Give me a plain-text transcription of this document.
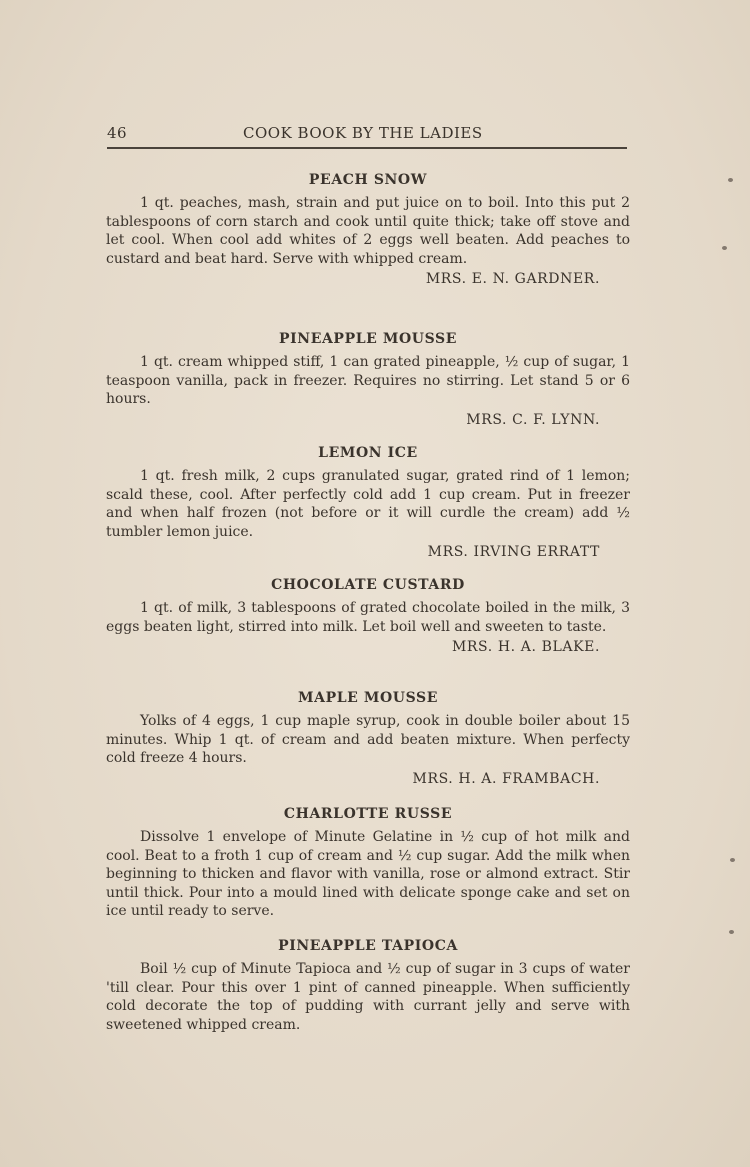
46	COOK BOOK BY THE LADIES
PEACH SNOW
1 qt. peaches, mash, strain and put juice on to boil. Into this put 2 tablespoons of corn starch and cook until quite thick; take off stove and let cool. When cool add whites of 2 eggs well beaten. Add peaches to custard and beat hard. Serve with whipped cream.
MRS. E. N. GARDNER.
PINEAPPLE MOUSSE
1 qt. cream whipped stiff, 1 can grated pineapple, ½ cup of sugar, 1 teaspoon vanilla, pack in freezer. Requires no stirring. Let stand 5 or 6 hours.
MRS. C. F. LYNN.
LEMON ICE
1 qt. fresh milk, 2 cups granulated sugar, grated rind of 1 lemon; scald these, cool. After perfectly cold add 1 cup cream. Put in freezer and when half frozen (not before or it will curdle the cream) add ½ tumbler lemon juice.
MRS. IRVING ERRATT
CHOCOLATE CUSTARD
1 qt. of milk, 3 tablespoons of grated chocolate boiled in the milk, 3 eggs beaten light, stirred into milk. Let boil well and sweeten to taste.
MRS. H. A. BLAKE.
MAPLE MOUSSE
Yolks of 4 eggs, 1 cup maple syrup, cook in double boiler about 15 minutes. Whip 1 qt. of cream and add beaten mixture. When perfecty cold freeze 4 hours.
MRS. H. A. FRAMBACH.
CHARLOTTE RUSSE
Dissolve 1 envelope of Minute Gelatine in ½ cup of hot milk and cool. Beat to a froth 1 cup of cream and ½ cup sugar. Add the milk when beginning to thicken and flavor with vanilla, rose or almond extract. Stir until thick. Pour into a mould lined with delicate sponge cake and set on ice until ready to serve.
PINEAPPLE TAPIOCA
Boil ½ cup of Minute Tapioca and ½ cup of sugar in 3 cups of water 'till clear. Pour this over 1 pint of canned pineapple. When sufficiently cold decorate the top of pudding with currant jelly and serve with sweetened whipped cream.
